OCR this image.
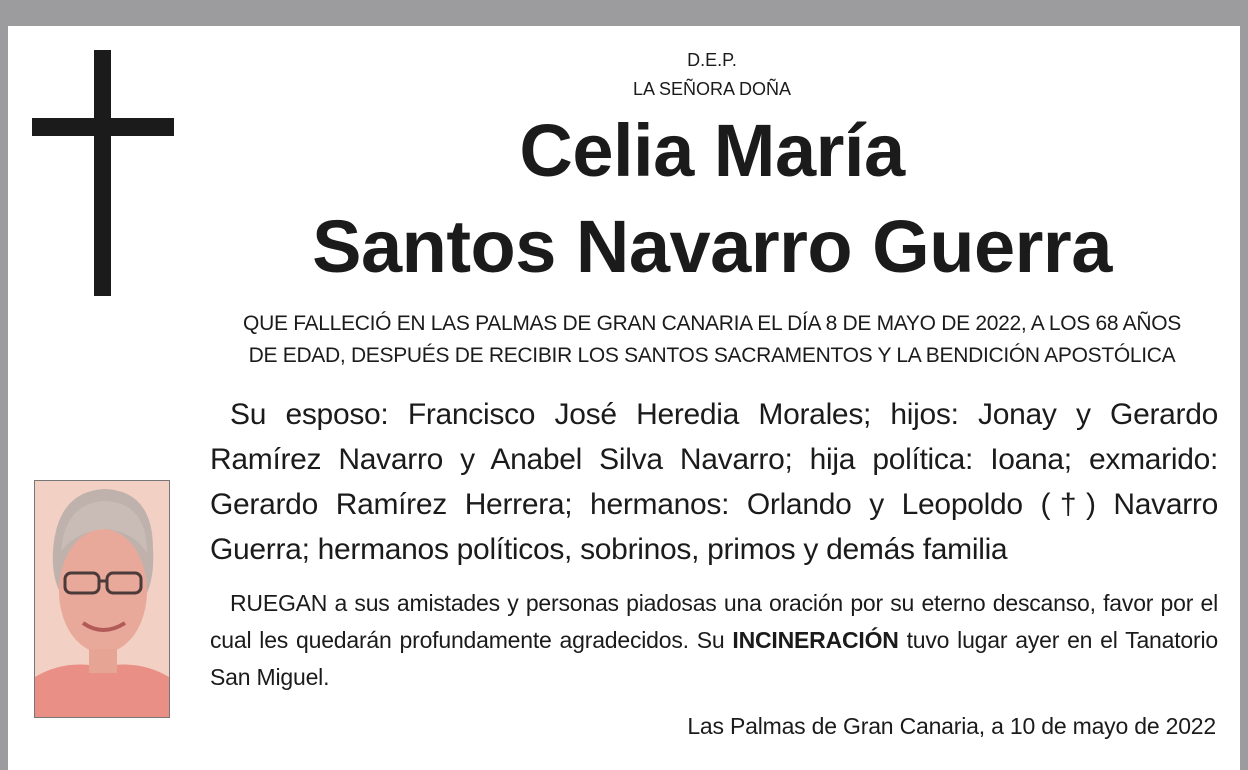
D.E.P.
LA SEÑORA DOÑA
Celia María
Santos Navarro Guerra
QUE FALLECIÓ EN LAS PALMAS DE GRAN CANARIA EL DÍA 8 DE MAYO DE 2022, A LOS 68 AÑOS
DE EDAD, DESPUÉS DE RECIBIR LOS SANTOS SACRAMENTOS Y LA BENDICIÓN APOSTÓLICA
Su esposo: Francisco José Heredia Morales; hijos: Jonay y Gerardo Ramírez Navarro y Anabel Silva Navarro; hija política: Ioana; exmarido: Gerardo Ramírez Herrera; hermanos: Orlando y Leopoldo (†) Navarro Guerra; hermanos políticos, sobrinos, primos y demás familia
RUEGAN a sus amistades y personas piadosas una oración por su eterno descanso, favor por el cual les quedarán profundamente agradecidos. Su INCINERACIÓN tuvo lugar ayer en el Tanatorio San Miguel.
Las Palmas de Gran Canaria, a 10 de mayo de 2022
